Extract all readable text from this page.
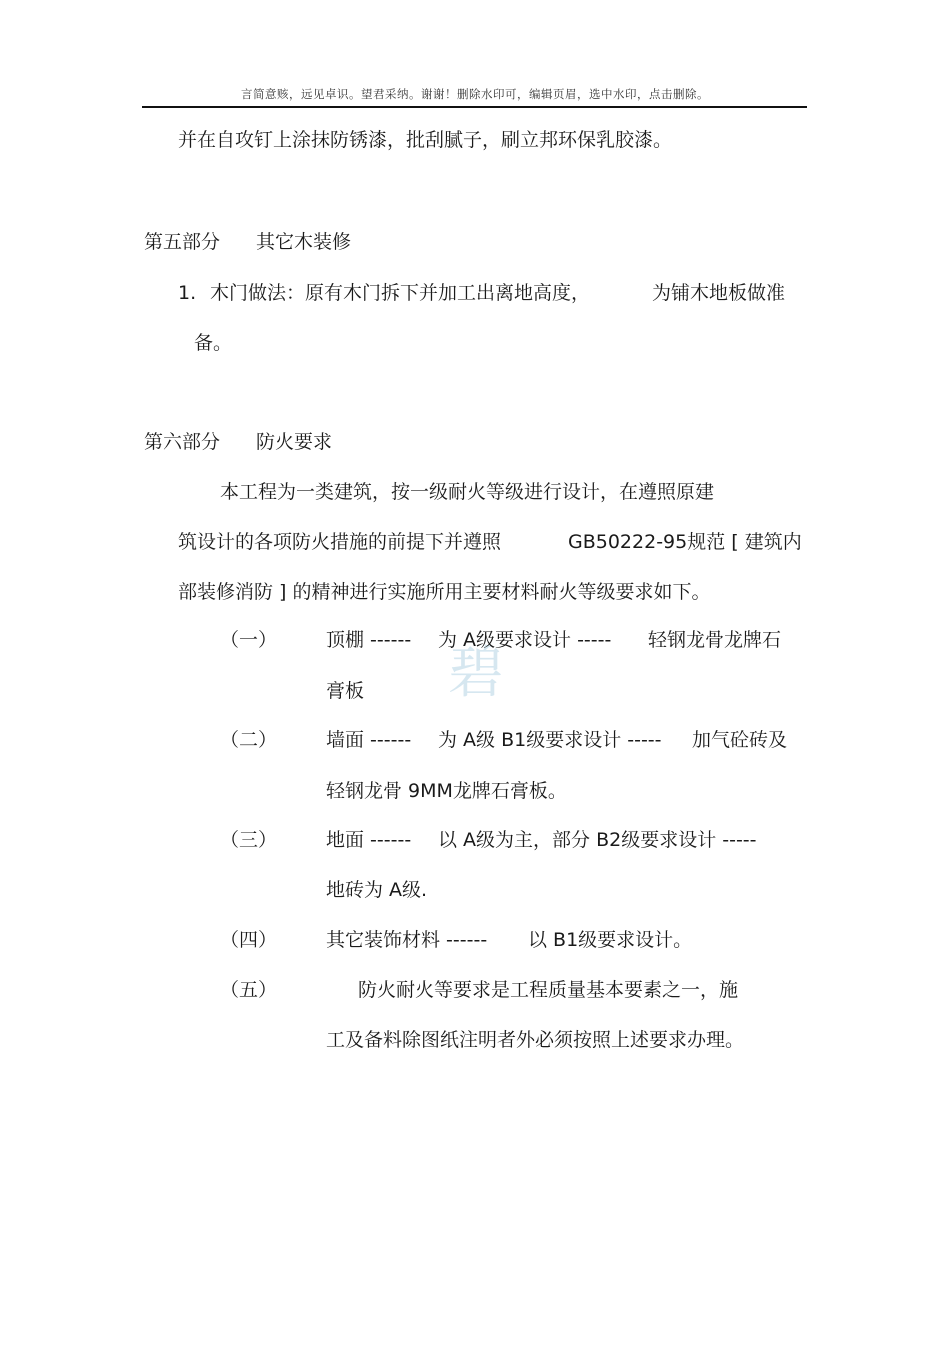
言简意赅，远见卓识。望君采纳。谢谢！删除水印可，编辑页眉，选中水印，点击删除。
碧
并在自攻钉上涂抹防锈漆，批刮腻子，刷立邦环保乳胶漆。
第五部分 其它木装修
1. 木门做法：原有木门拆下并加工出离地高度，	为铺木地板做准
备。
第六部分 防火要求
本工程为一类建筑，按一级耐火等级进行设计，在遵照原建
筑设计的各项防火措施的前提下并遵照	GB50222-95规范 [ 建筑内
部装修消防 ] 的精神进行实施所用主要材料耐火等级要求如下。
（一）	顶棚 ------ 为 A级要求设计 ----- 轻钢龙骨龙牌石
膏板
（二）	墙面 ------ 为 A级 B1级要求设计 ----- 加气砼砖及
轻钢龙骨 9MM龙牌石膏板。
（三）	地面 ------ 以 A级为主，部分 B2级要求设计 -----
地砖为 A级.
（四）	其它装饰材料 ------ 以 B1级要求设计。
（五）	防火耐火等要求是工程质量基本要素之一，施
工及备料除图纸注明者外必须按照上述要求办理。
